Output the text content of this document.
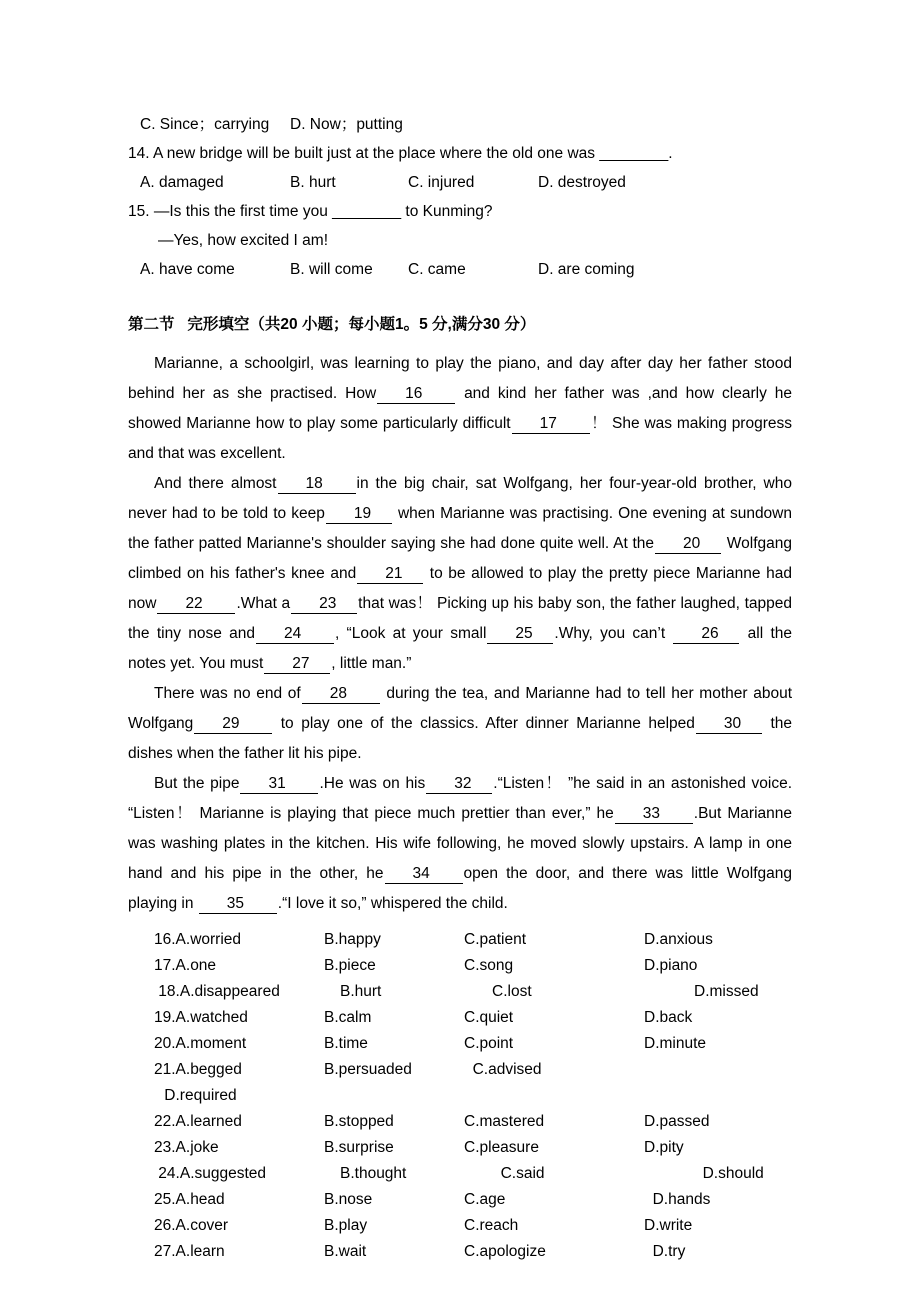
C. Since；carrying D. Now；putting
14. A new bridge will be built just at the place where the old one was ________.
A. damaged	B. hurt	C. injured	D. destroyed
15. —Is this the first time you ________ to Kunming?
—Yes, how excited I am!
A. have come	B. will come C. came	D. are coming
第二节   完形填空（共20 小题；每小题1。5 分,满分30 分）

Marianne, a schoolgirl, was learning to play the piano, and day after day her father stood behind her as she practised. How 16 and kind her father was ,and how clearly he showed Marianne how to play some particularly difficult 17 ！ She was making progress and that was excellent.

And there almost 18 in the big chair, sat Wolfgang, her four-year-old brother, who never had to be told to keep 19 when Marianne was practising. One evening at sundown the father patted Marianne's shoulder saying she had done quite well. At the 20 Wolfgang climbed on his father's knee and 21 to be allowed to play the pretty piece Marianne had now 22 .What a 23 that was！ Picking up his baby son, the father laughed, tapped the tiny nose and 24 , “Look at your small 25 .Why, you can’t 26 all the notes yet. You must 27 , little man.”

There was no end of 28 during the tea, and Marianne had to tell her mother about Wolfgang 29 to play one of the classics. After dinner Marianne helped 30 the dishes when the father lit his pipe.

But the pipe 31 .He was on his 32 .“Listen！ ”he said in an astonished voice. “Listen！ Marianne is playing that piece much prettier than ever,” he 33 .But Marianne was washing plates in the kitchen. His wife following, he moved slowly upstairs. A lamp in one hand and his pipe in the other, he 34 open the door, and there was little Wolfgang playing in 35 .“I love it so,” whispered the child.

16.A.worried	B.happy	C.patient	D.anxious
17.A.one	B.piece	C.song	D.piano
18.A.disappeared	B.hurt	C.lost	D.missed
19.A.watched	B.calm	C.quiet	D.back
20.A.moment	B.time	C.point	D.minute
21.A.begged	B.persuaded	C.advised
D.required
22.A.learned	B.stopped	C.mastered	D.passed
23.A.joke	B.surprise	C.pleasure	D.pity
24.A.suggested	B.thought	C.said	D.should
25.A.head	B.nose	C.age	D.hands
26.A.cover	B.play	C.reach	D.write
27.A.learn	B.wait	C.apologize	D.try
